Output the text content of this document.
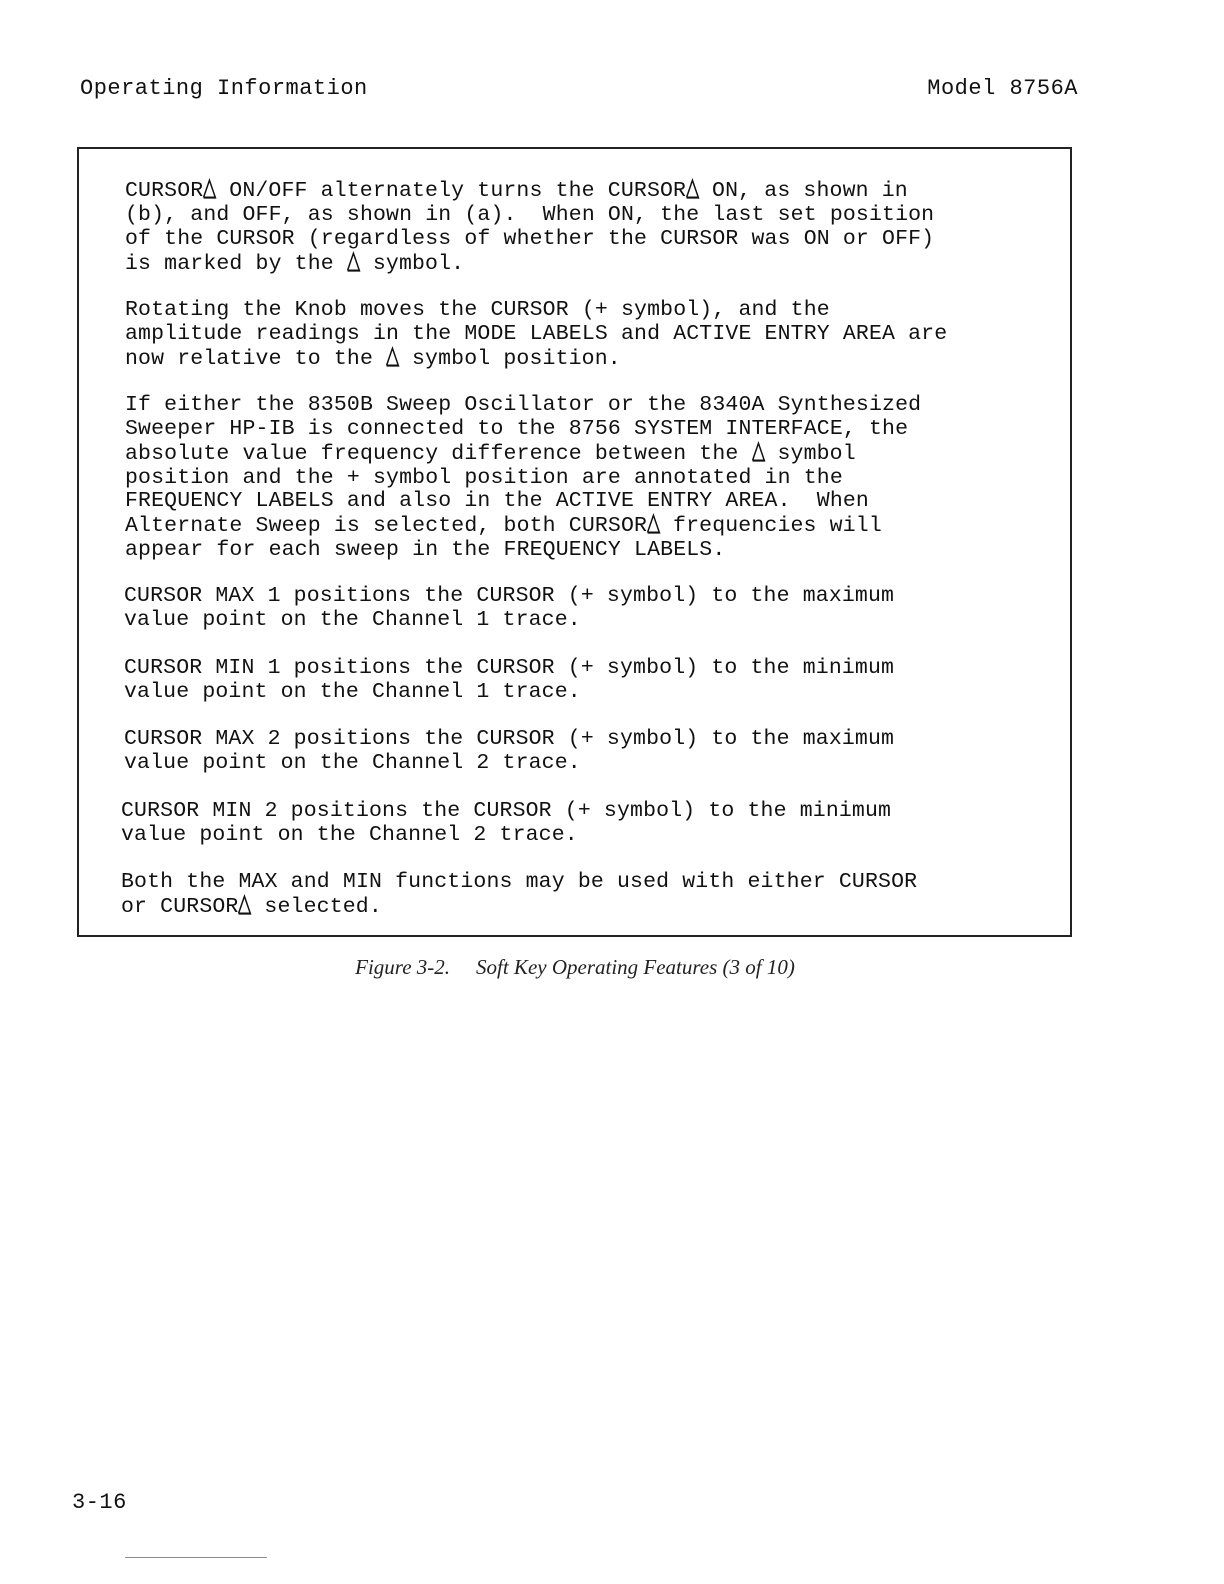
Operating Information	Model 8756A

CURSOR
ON/OFF alternately turns the CURSOR
ON, as shown in
(b), and OFF, as shown in (a).  When ON, the last set position
of the CURSOR (regardless of whether the CURSOR was ON or OFF)
is marked by the
symbol.

Rotating the Knob moves the CURSOR (+ symbol), and the
amplitude readings in the MODE LABELS and ACTIVE ENTRY AREA are
now relative to the
symbol position.

If either the 8350B Sweep Oscillator or the 8340A Synthesized
Sweeper HP-IB is connected to the 8756 SYSTEM INTERFACE, the
absolute value frequency difference between the
symbol
position and the + symbol position are annotated in the
FREQUENCY LABELS and also in the ACTIVE ENTRY AREA.  When
Alternate Sweep is selected, both CURSOR
frequencies will
appear for each sweep in the FREQUENCY LABELS.

CURSOR MAX 1 positions the CURSOR (+ symbol) to the maximum
value point on the Channel 1 trace.

CURSOR MIN 1 positions the CURSOR (+ symbol) to the minimum
value point on the Channel 1 trace.

CURSOR MAX 2 positions the CURSOR (+ symbol) to the maximum
value point on the Channel 2 trace.

CURSOR MIN 2 positions the CURSOR (+ symbol) to the minimum
value point on the Channel 2 trace.

Both the MAX and MIN functions may be used with either CURSOR
or CURSOR
selected.

Figure 3-2. Soft Key Operating Features (3 of 10)
3-16
